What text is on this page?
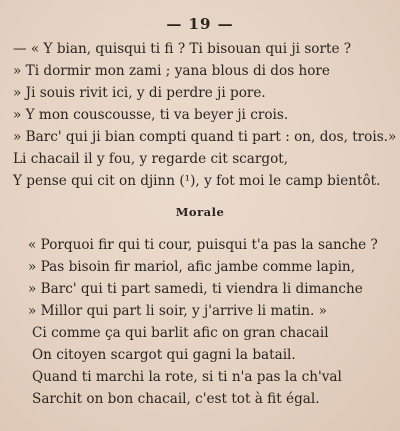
— 19 —
— « Y bian, quisqui ti fi ? Ti bisouan qui ji sorte ?
» Ti dormir mon zami ; yana blous di dos hore
» Ji souis rivit ici, y di perdre ji pore.
» Y mon couscousse, ti va beyer ji crois.
» Barc' qui ji bian compti quand ti part : on, dos, trois.»
Li chacail il y fou, y regarde cit scargot,
Y pense qui cit on djinn (¹), y fot moi le camp bientôt.
Morale
« Porquoi fir qui ti cour, puisqui t'a pas la sanche ?
» Pas bisoin fir mariol, afic jambe comme lapin,
» Barc' qui ti part samedi, ti viendra li dimanche
» Millor qui part li soir, y j'arrive li matin. »
Ci comme ça qui barlit afic on gran chacail
On citoyen scargot qui gagni la batail.
Quand ti marchi la rote, si ti n'a pas la ch'val
Sarchit on bon chacail, c'est tot à fit égal.
